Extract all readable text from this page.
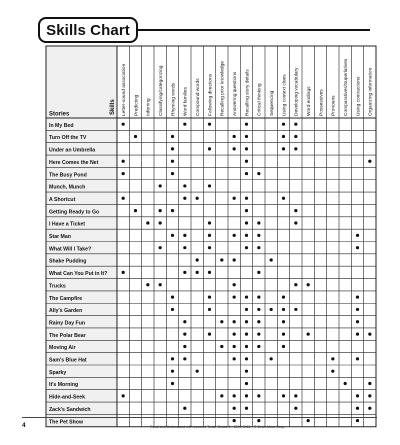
Skills Chart
Skills
Stories	Letter-sound association Predicting Inferring Classifying/categorizing Rhyming words Word families Compound words Following directions Recalling prior knowledge Answering questions Recalling story details Critical thinking Sequencing Using context clues Developing vocabulary Word endings Possessives Pronouns Comparatives/Superlatives Using contractions Organizing information
In My Bed
Turn Off the TV
Under an Umbrella
Here Comes the Net
The Busy Pond
Munch, Munch
A Shortcut
Getting Ready to Go
I Have a Ticket
Star Man
What Will I Take?
Shake Pudding
What Can You Put in It?
Trucks
The Campfire
Ally's Garden
Rainy Day Fun
The Polar Bear
Moving Air
Sam's Blue Hat
Sparky
It's Morning
Hide-and-Seek
Zack's Sandwich
The Pet Show
4	Read and Understand with Leveled Texts, Grade 1 • EMC 3461 • © Evan-Moor Corp.
